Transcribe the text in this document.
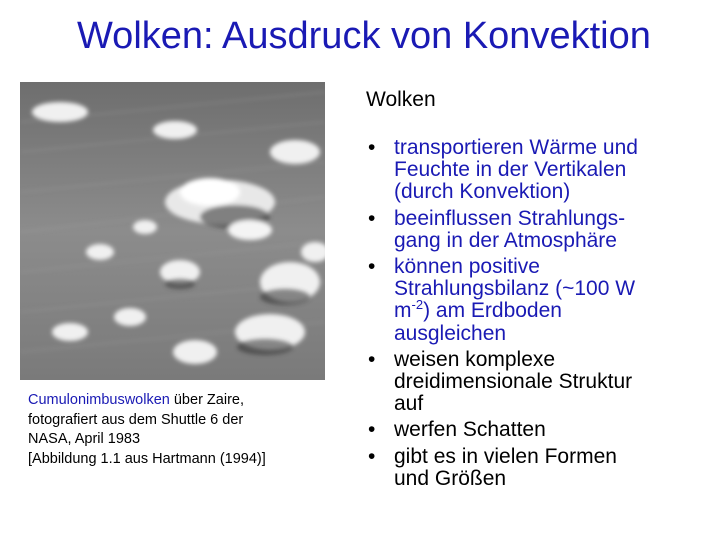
Wolken: Ausdruck von Konvektion
Cumulonimbuswolken über Zaire,
fotografiert aus dem Shuttle 6 der
NASA, April 1983
[Abbildung 1.1 aus Hartmann (1994)]
Wolken
• transportieren Wärme und
Feuchte in der Vertikalen
(durch Konvektion)
• beeinflussen Strahlungs-
gang in der Atmosphäre
• können positive
Strahlungsbilanz (~100 W
$m^{-2}$) am Erdboden
ausgleichen
• weisen komplexe
dreidimensionale Struktur
auf
• werfen Schatten
• gibt es in vielen Formen
und Größen
